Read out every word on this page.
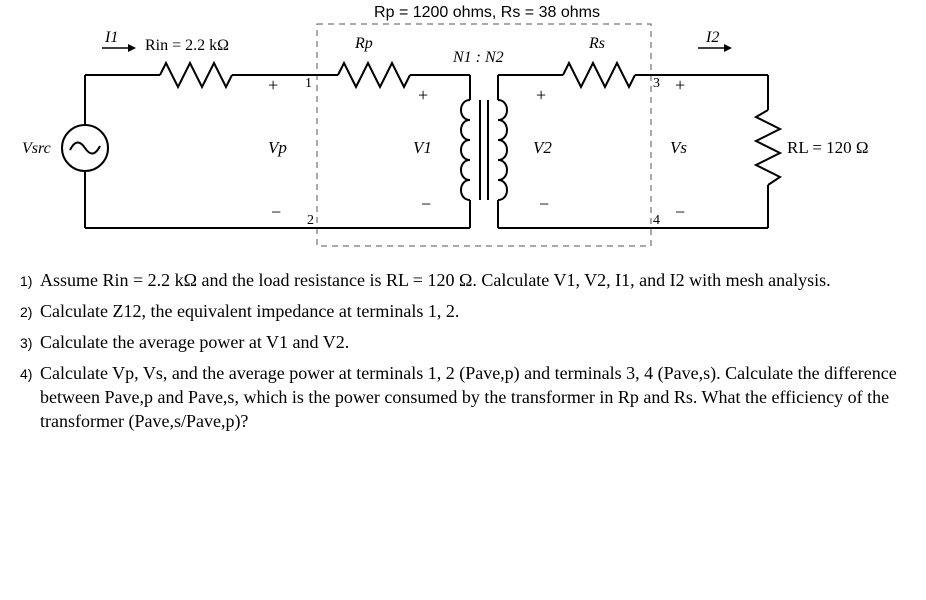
Rp = 1200 ohms, Rs = 38 ohms
I1 Rin = 2.2 kΩ	Rp
N1 : N2
Rs	I2
Vsrc
+
Vp
−
+
V1
−
+
V2
−
+
Vs
−
RL = 120 Ω
1
2
3
4
1) Assume Rin = 2.2 kΩ and the load resistance is RL = 120 Ω. Calculate V1, V2, I1, and I2 with mesh analysis.
2) Calculate Z12, the equivalent impedance at terminals 1, 2.
3) Calculate the average power at V1 and V2.
4) Calculate Vp, Vs, and the average power at terminals 1, 2 (Pave,p) and terminals 3, 4 (Pave,s). Calculate the difference between Pave,p and Pave,s, which is the power consumed by the transformer in Rp and Rs. What the efficiency of the transformer (Pave,s/Pave,p)?
